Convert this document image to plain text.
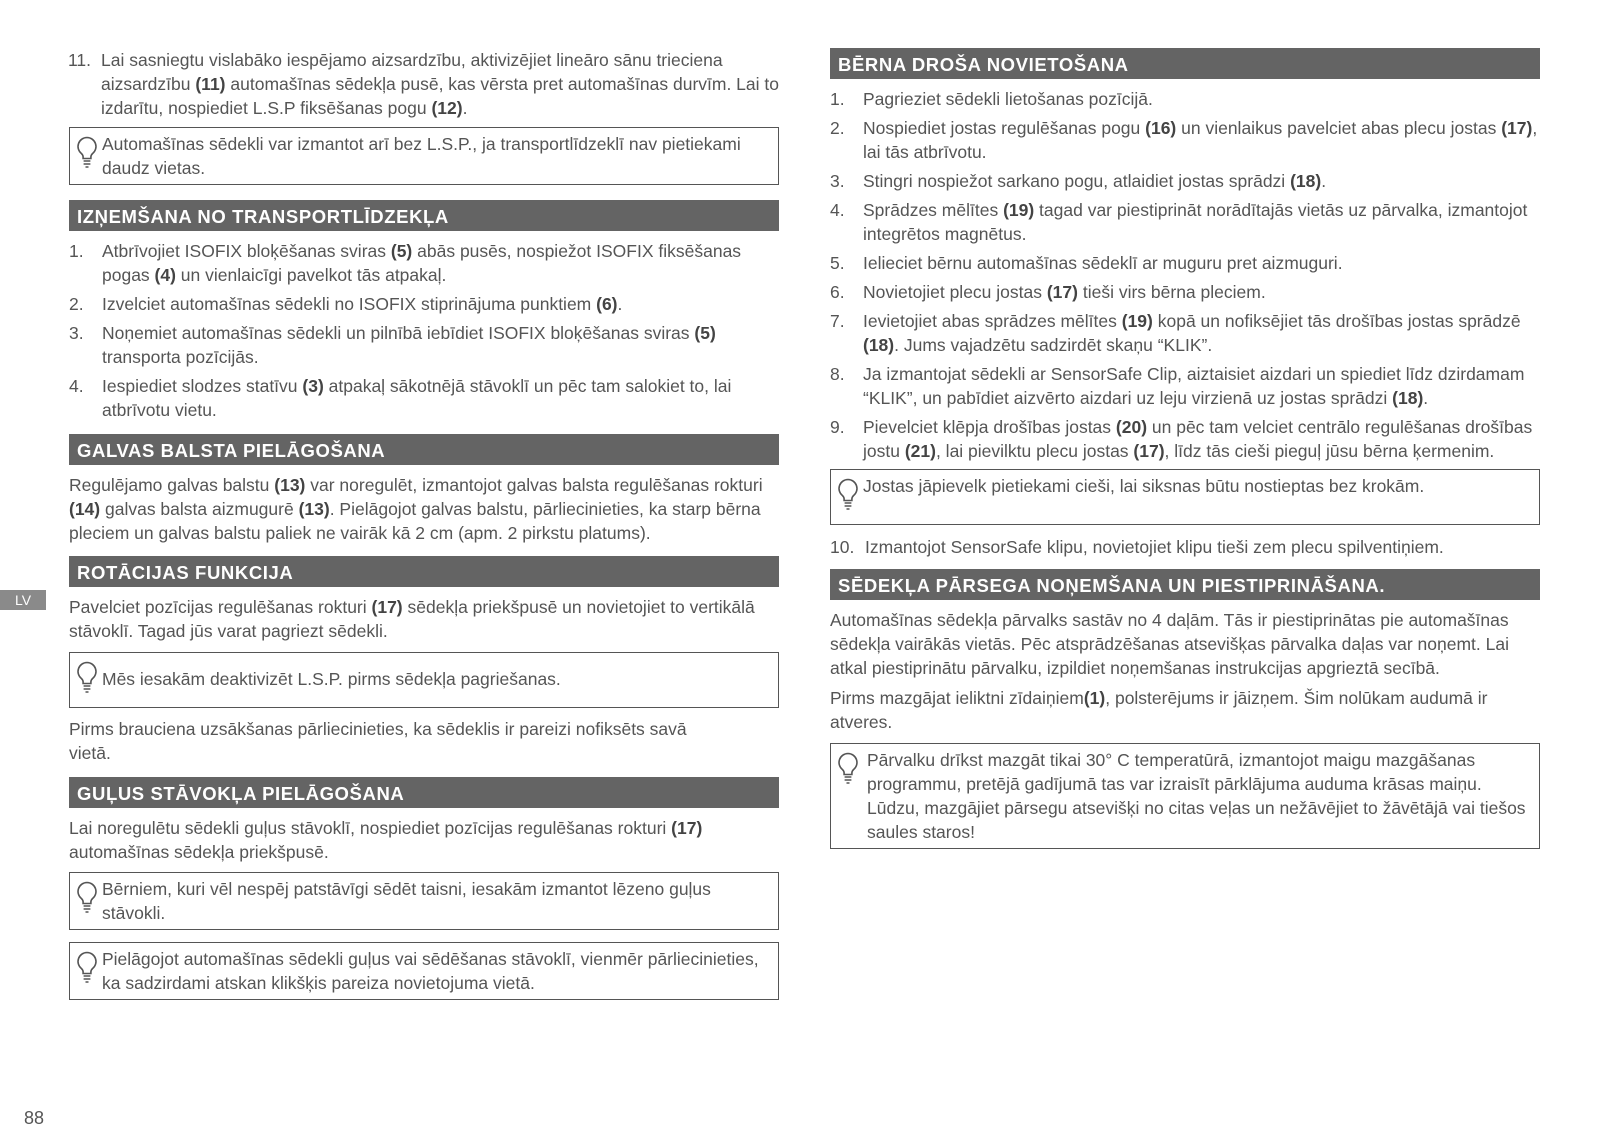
11. Lai sasniegtu vislabāko iespējamo aizsardzību, aktivizējiet lineāro sānu trieciena aizsardzību (11) automašīnas sēdekļa pusē, kas vērsta pret automašīnas durvīm. Lai to izdarītu, nospiediet L.S.P fiksēšanas pogu (12).
Automašīnas sēdekli var izmantot arī bez L.S.P., ja transportlīdzeklī nav pietiekami daudz vietas.
IZŅEMŠANA NO TRANSPORTLĪDZEKĻA
1.	Atbrīvojiet ISOFIX bloķēšanas sviras (5) abās pusēs, nospiežot ISOFIX fiksēšanas pogas (4) un vienlaicīgi pavelkot tās atpakaļ.
2.	Izvelciet automašīnas sēdekli no ISOFIX stiprinājuma punktiem (6).
3.	Noņemiet automašīnas sēdekli un pilnībā iebīdiet ISOFIX bloķēšanas sviras (5) transporta pozīcijās.
4.	Iespiediet slodzes statīvu (3) atpakaļ sākotnējā stāvoklī un pēc tam salokiet to, lai atbrīvotu vietu.
GALVAS BALSTA PIELĀGOŠANA

Regulējamo galvas balstu (13) var noregulēt, izmantojot galvas balsta regulēšanas rokturi (14) galvas balsta aizmugurē (13). Pielāgojot galvas balstu, pārliecinieties, ka starp bērna pleciem un galvas balstu paliek ne vairāk kā 2 cm (apm. 2 pirkstu platums).

ROTĀCIJAS FUNKCIJA

Pavelciet pozīcijas regulēšanas rokturi (17) sēdekļa priekšpusē un novietojiet to vertikālā stāvoklī. Tagad jūs varat pagriezt sēdekli.

Mēs iesakām deaktivizēt L.S.P. pirms sēdekļa pagriešanas.

Pirms brauciena uzsākšanas pārliecinieties, ka sēdeklis ir pareizi nofiksēts savā vietā.

GUĻUS STĀVOKĻA PIELĀGOŠANA

Lai noregulētu sēdekli guļus stāvoklī, nospiediet pozīcijas regulēšanas rokturi (17) automašīnas sēdekļa priekšpusē.

Bērniem, kuri vēl nespēj patstāvīgi sēdēt taisni, iesakām izmantot lēzeno guļus stāvokli.
Pielāgojot automašīnas sēdekli guļus vai sēdēšanas stāvoklī, vienmēr pārliecinieties, ka sadzirdami atskan klikšķis pareiza novietojuma vietā.
BĒRNA DROŠA NOVIETOŠANA
1.	Pagrieziet sēdekli lietošanas pozīcijā.
2.	Nospiediet jostas regulēšanas pogu (16) un vienlaikus pavelciet abas plecu jostas (17), lai tās atbrīvotu.
3.	Stingri nospiežot sarkano pogu, atlaidiet jostas sprādzi (18).
4.	Sprādzes mēlītes (19) tagad var piestiprināt norādītajās vietās uz pārvalka, izmantojot integrētos magnētus.
5.	Ielieciet bērnu automašīnas sēdeklī ar muguru pret aizmuguri.
6.	Novietojiet plecu jostas (17) tieši virs bērna pleciem.
7.	Ievietojiet abas sprādzes mēlītes (19) kopā un nofiksējiet tās drošības jostas sprādzē (18). Jums vajadzētu sadzirdēt skaņu “KLIK”.
8.	Ja izmantojat sēdekli ar SensorSafe Clip, aiztaisiet aizdari un spiediet līdz dzirdamam “KLIK”, un pabīdiet aizvērto aizdari uz leju virzienā uz jostas sprādzi (18).
9.	Pievelciet klēpja drošības jostas (20) un pēc tam velciet centrālo regulēšanas drošības jostu (21), lai pievilktu plecu jostas (17), līdz tās cieši pieguļ jūsu bērna ķermenim.
Jostas jāpievelk pietiekami cieši, lai siksnas būtu nostieptas bez krokām.
10. Izmantojot SensorSafe klipu, novietojiet klipu tieši zem plecu spilventiņiem.
SĒDEKĻA PĀRSEGA NOŅEMŠANA UN PIESTIPRINĀŠANA.

Automašīnas sēdekļa pārvalks sastāv no 4 daļām. Tās ir piestiprinātas pie automašīnas sēdekļa vairākās vietās. Pēc atsprādzēšanas atsevišķas pārvalka daļas var noņemt. Lai atkal piestiprinātu pārvalku, izpildiet noņemšanas instrukcijas apgrieztā secībā.

Pirms mazgājat ieliktni zīdaiņiem(1), polsterējums ir jāizņem. Šim nolūkam audumā ir atveres.

Pārvalku drīkst mazgāt tikai 30° C temperatūrā, izmantojot maigu mazgāšanas programmu, pretējā gadījumā tas var izraisīt pārklājuma auduma krāsas maiņu. Lūdzu, mazgājiet pārsegu atsevišķi no citas veļas un nežāvējiet to žāvētājā vai tiešos saules staros!
LV
88
